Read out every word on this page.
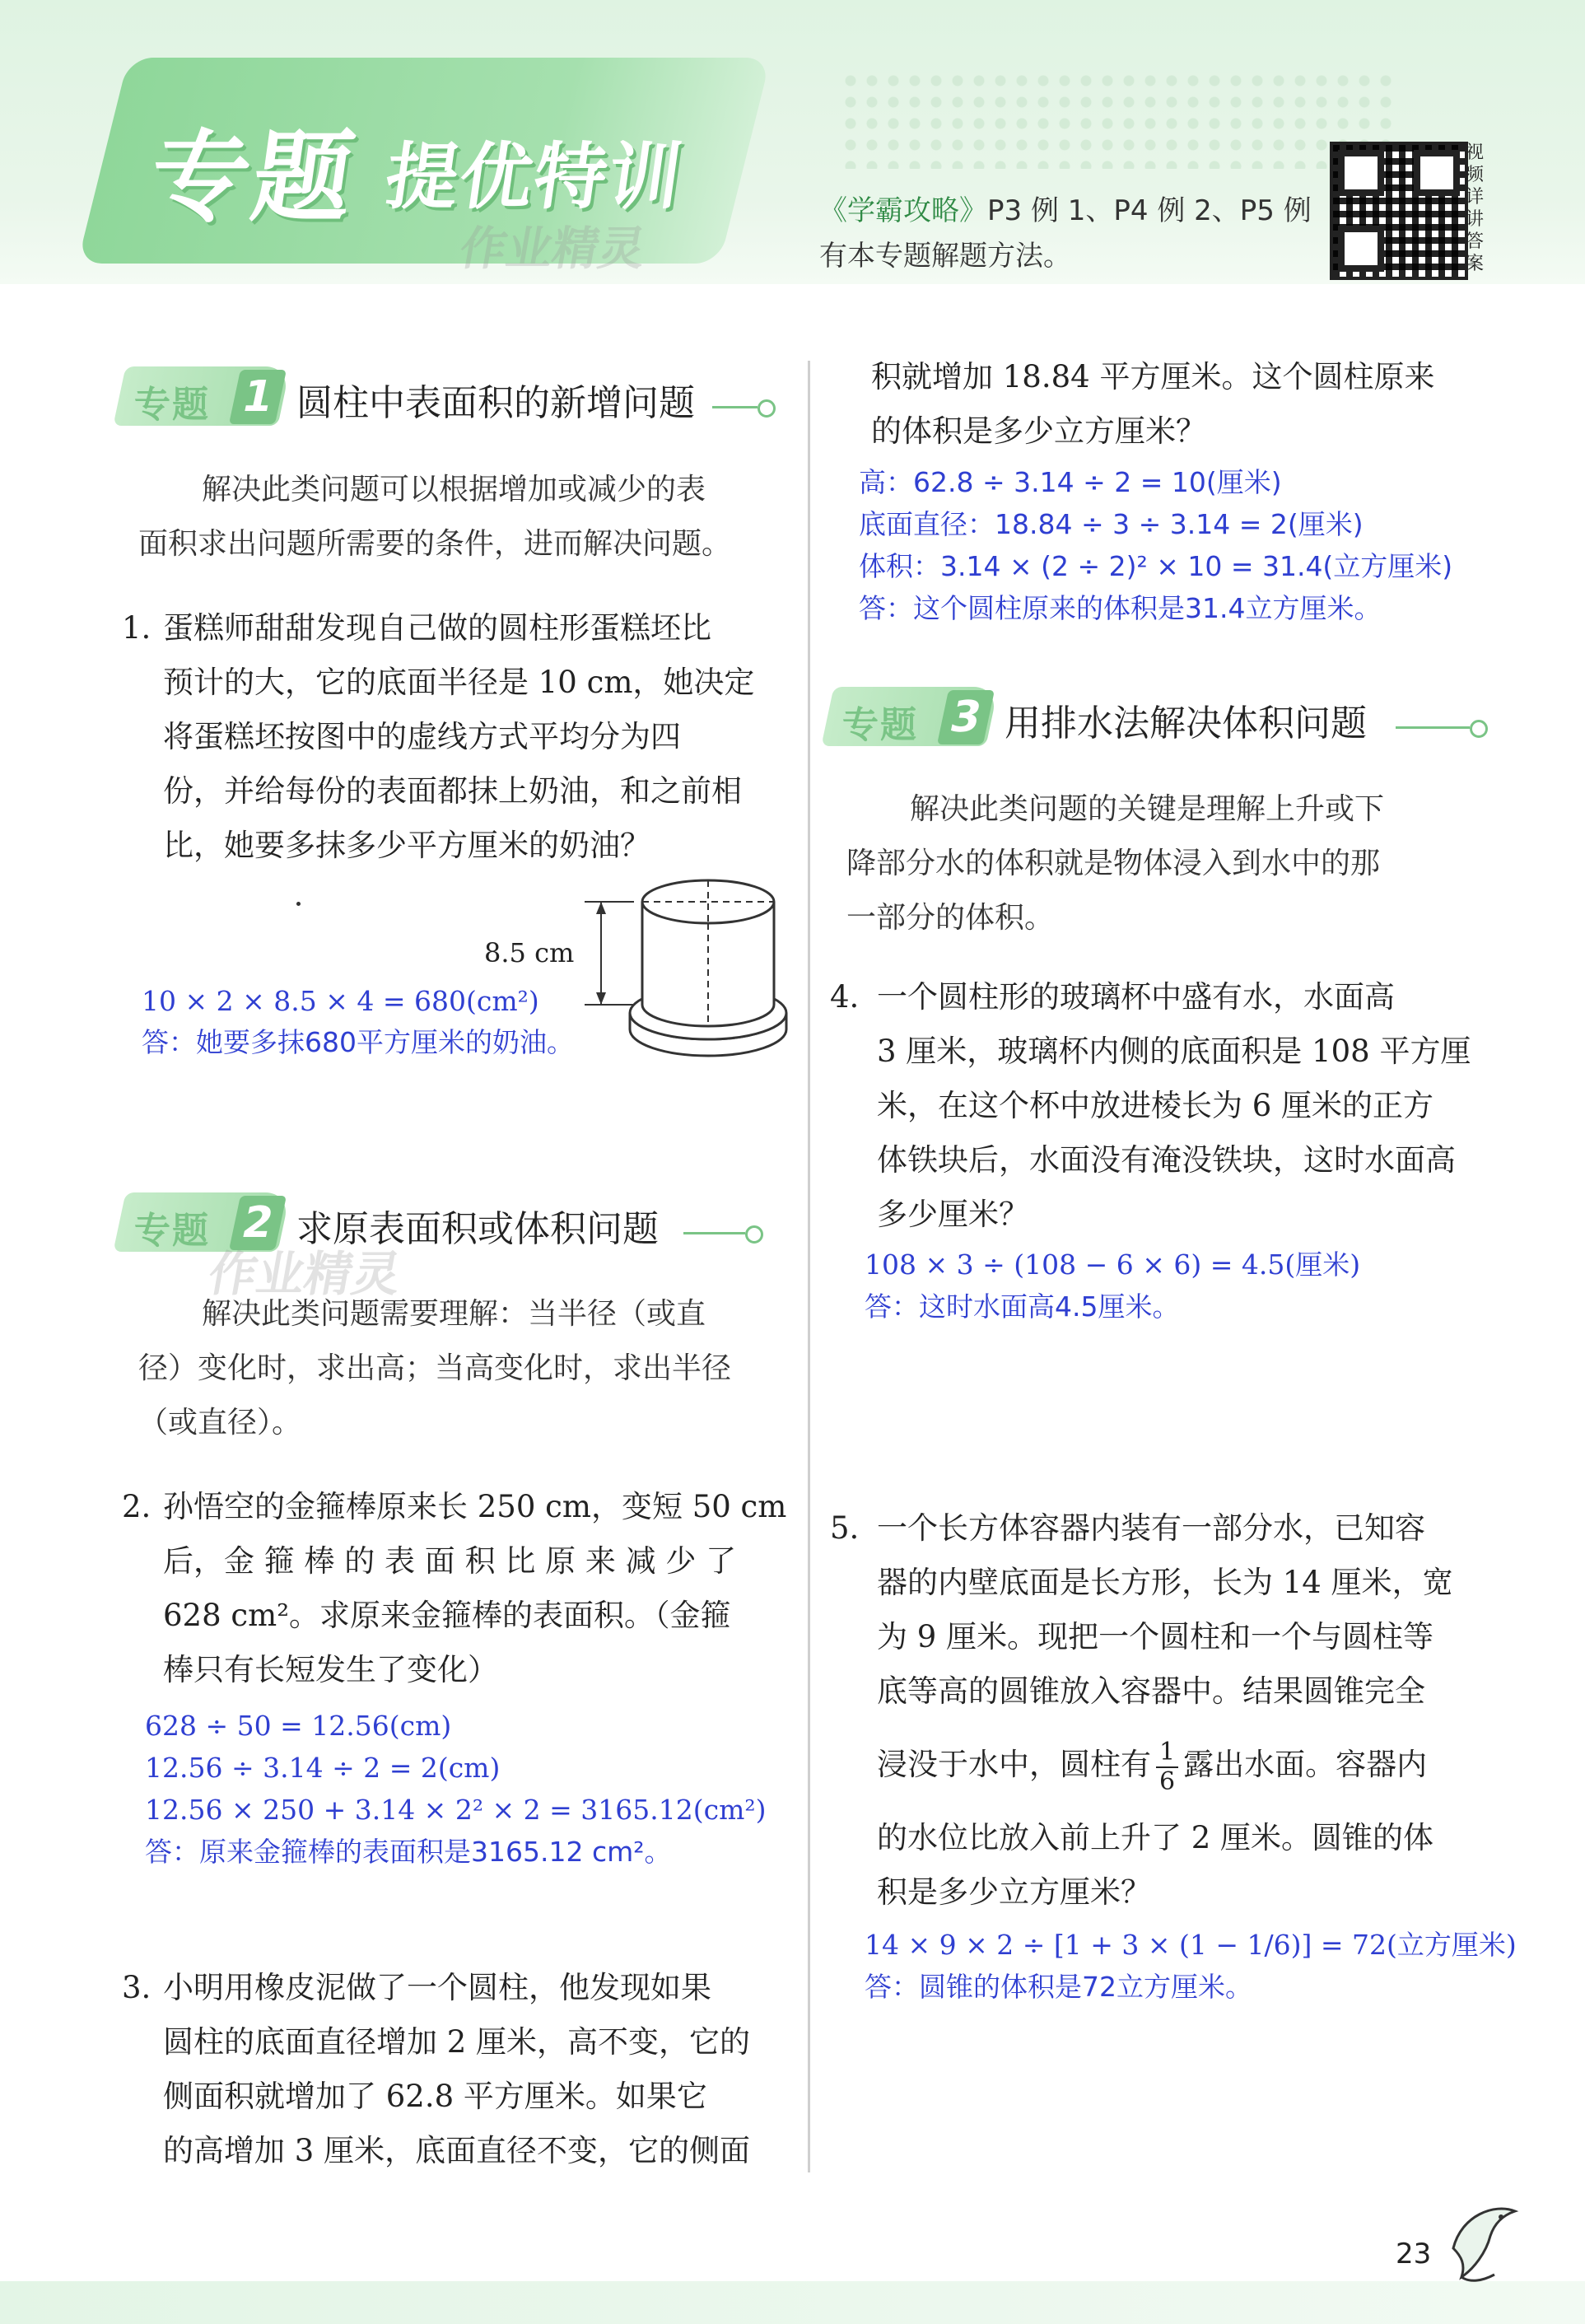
专题 提优特训
作业精灵
《学霸攻略》P3 例 1、P4 例 2、P5 例
有本专题解题方法。
视频详讲答案
专题 1 圆柱中表面积的新增问题
解决此类问题可以根据增加或减少的表
面积求出问题所需要的条件，进而解决问题。
1. 蛋糕师甜甜发现自己做的圆柱形蛋糕坯比
预计的大，它的底面半径是 10 cm，她决定
将蛋糕坯按图中的虚线方式平均分为四
份，并给每份的表面都抹上奶油，和之前相
比，她要多抹多少平方厘米的奶油？
8.5 cm
10 × 2 × 8.5 × 4 = 680(cm²)
答：她要多抹680平方厘米的奶油。
专题 2 求原表面积或体积问题
作业精灵
解决此类问题需要理解：当半径（或直
径）变化时，求出高；当高变化时，求出半径
（或直径）。
2. 孙悟空的金箍棒原来长 250 cm，变短 50 cm
后，金 箍 棒 的 表 面 积 比 原 来 减 少 了
628 cm²。求原来金箍棒的表面积。（金箍
棒只有长短发生了变化）
628 ÷ 50 = 12.56(cm)
12.56 ÷ 3.14 ÷ 2 = 2(cm)
12.56 × 250 + 3.14 × 2² × 2 = 3165.12(cm²)
答：原来金箍棒的表面积是3165.12 cm²。
3. 小明用橡皮泥做了一个圆柱，他发现如果
圆柱的底面直径增加 2 厘米，高不变，它的
侧面积就增加了 62.8 平方厘米。如果它
的高增加 3 厘米，底面直径不变，它的侧面
积就增加 18.84 平方厘米。这个圆柱原来
的体积是多少立方厘米？
高：62.8 ÷ 3.14 ÷ 2 = 10(厘米)
底面直径：18.84 ÷ 3 ÷ 3.14 = 2(厘米)
体积：3.14 × (2 ÷ 2)² × 10 = 31.4(立方厘米)
答：这个圆柱原来的体积是31.4立方厘米。
专题 3 用排水法解决体积问题
解决此类问题的关键是理解上升或下
降部分水的体积就是物体浸入到水中的那
一部分的体积。
4. 一个圆柱形的玻璃杯中盛有水，水面高
3 厘米，玻璃杯内侧的底面积是 108 平方厘
米，在这个杯中放进棱长为 6 厘米的正方
体铁块后，水面没有淹没铁块，这时水面高
多少厘米？
108 × 3 ÷ (108 − 6 × 6) = 4.5(厘米)
答：这时水面高4.5厘米。
5. 一个长方体容器内装有一部分水，已知容
器的内壁底面是长方形，长为 14 厘米，宽
为 9 厘米。现把一个圆柱和一个与圆柱等
底等高的圆锥放入容器中。结果圆锥完全
浸没于水中，圆柱有 $\frac{1}{6}$ 露出水面。容器内
的水位比放入前上升了 2 厘米。圆锥的体
积是多少立方厘米？
14 × 9 × 2 ÷ [1 + 3 × (1 − 1/6)] = 72(立方厘米)
答：圆锥的体积是72立方厘米。
23
